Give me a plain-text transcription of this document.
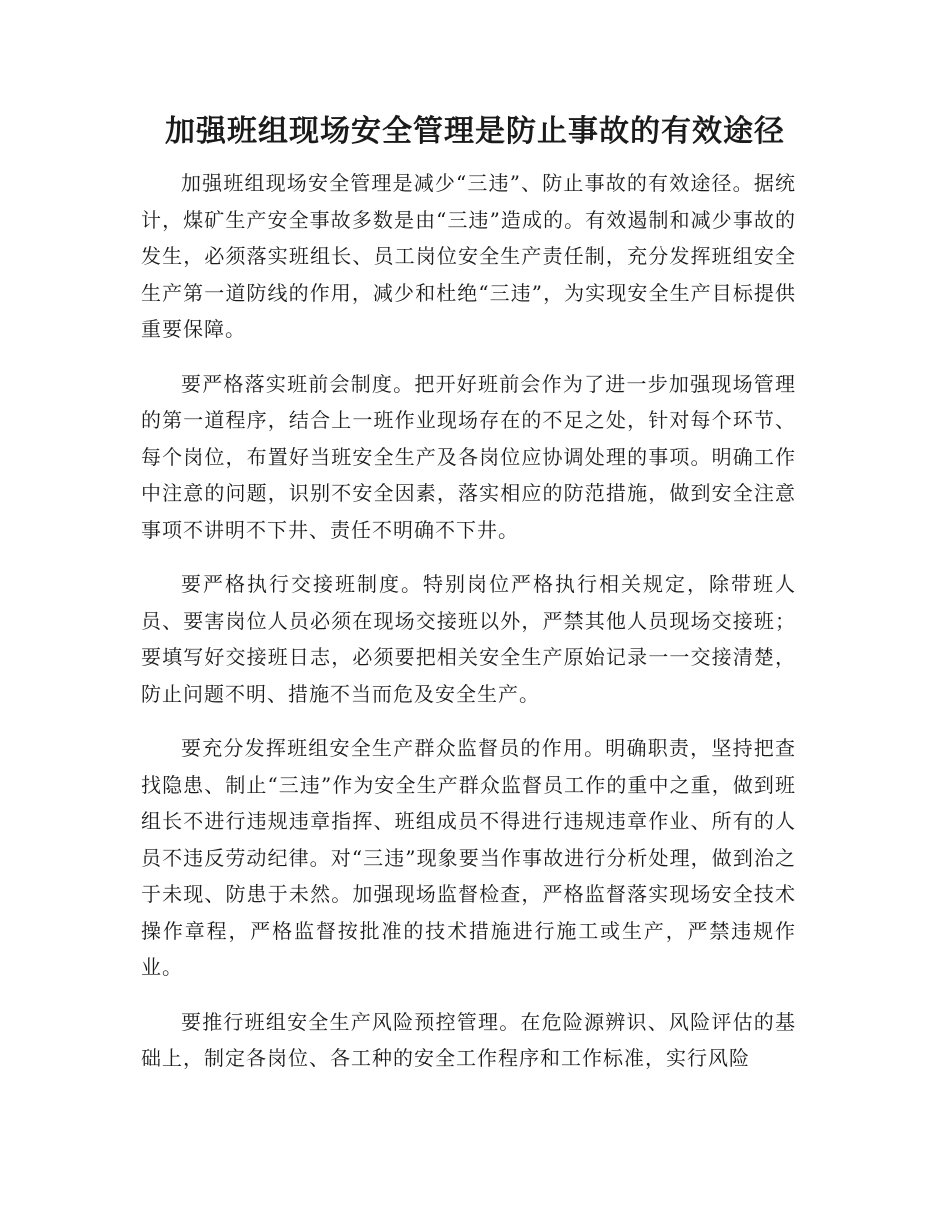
加强班组现场安全管理是防止事故的有效途径

加强班组现场安全管理是减少“三违”、防止事故的有效途径。据统计，煤矿生产安全事故多数是由“三违”造成的。有效遏制和减少事故的发生，必须落实班组长、员工岗位安全生产责任制，充分发挥班组安全生产第一道防线的作用，减少和杜绝“三违”，为实现安全生产目标提供重要保障。

要严格落实班前会制度。把开好班前会作为了进一步加强现场管理的第一道程序，结合上一班作业现场存在的不足之处，针对每个环节、每个岗位，布置好当班安全生产及各岗位应协调处理的事项。明确工作中注意的问题，识别不安全因素，落实相应的防范措施，做到安全注意事项不讲明不下井、责任不明确不下井。

要严格执行交接班制度。特别岗位严格执行相关规定，除带班人员、要害岗位人员必须在现场交接班以外，严禁其他人员现场交接班；要填写好交接班日志，必须要把相关安全生产原始记录一一交接清楚，防止问题不明、措施不当而危及安全生产。

要充分发挥班组安全生产群众监督员的作用。明确职责，坚持把查找隐患、制止“三违”作为安全生产群众监督员工作的重中之重，做到班组长不进行违规违章指挥、班组成员不得进行违规违章作业、所有的人员不违反劳动纪律。对“三违”现象要当作事故进行分析处理，做到治之于未现、防患于未然。加强现场监督检查，严格监督落实现场安全技术操作章程，严格监督按批准的技术措施进行施工或生产，严禁违规作业。

要推行班组安全生产风险预控管理。在危险源辨识、风险评估的基础上，制定各岗位、各工种的安全工作程序和工作标准，实行风险
